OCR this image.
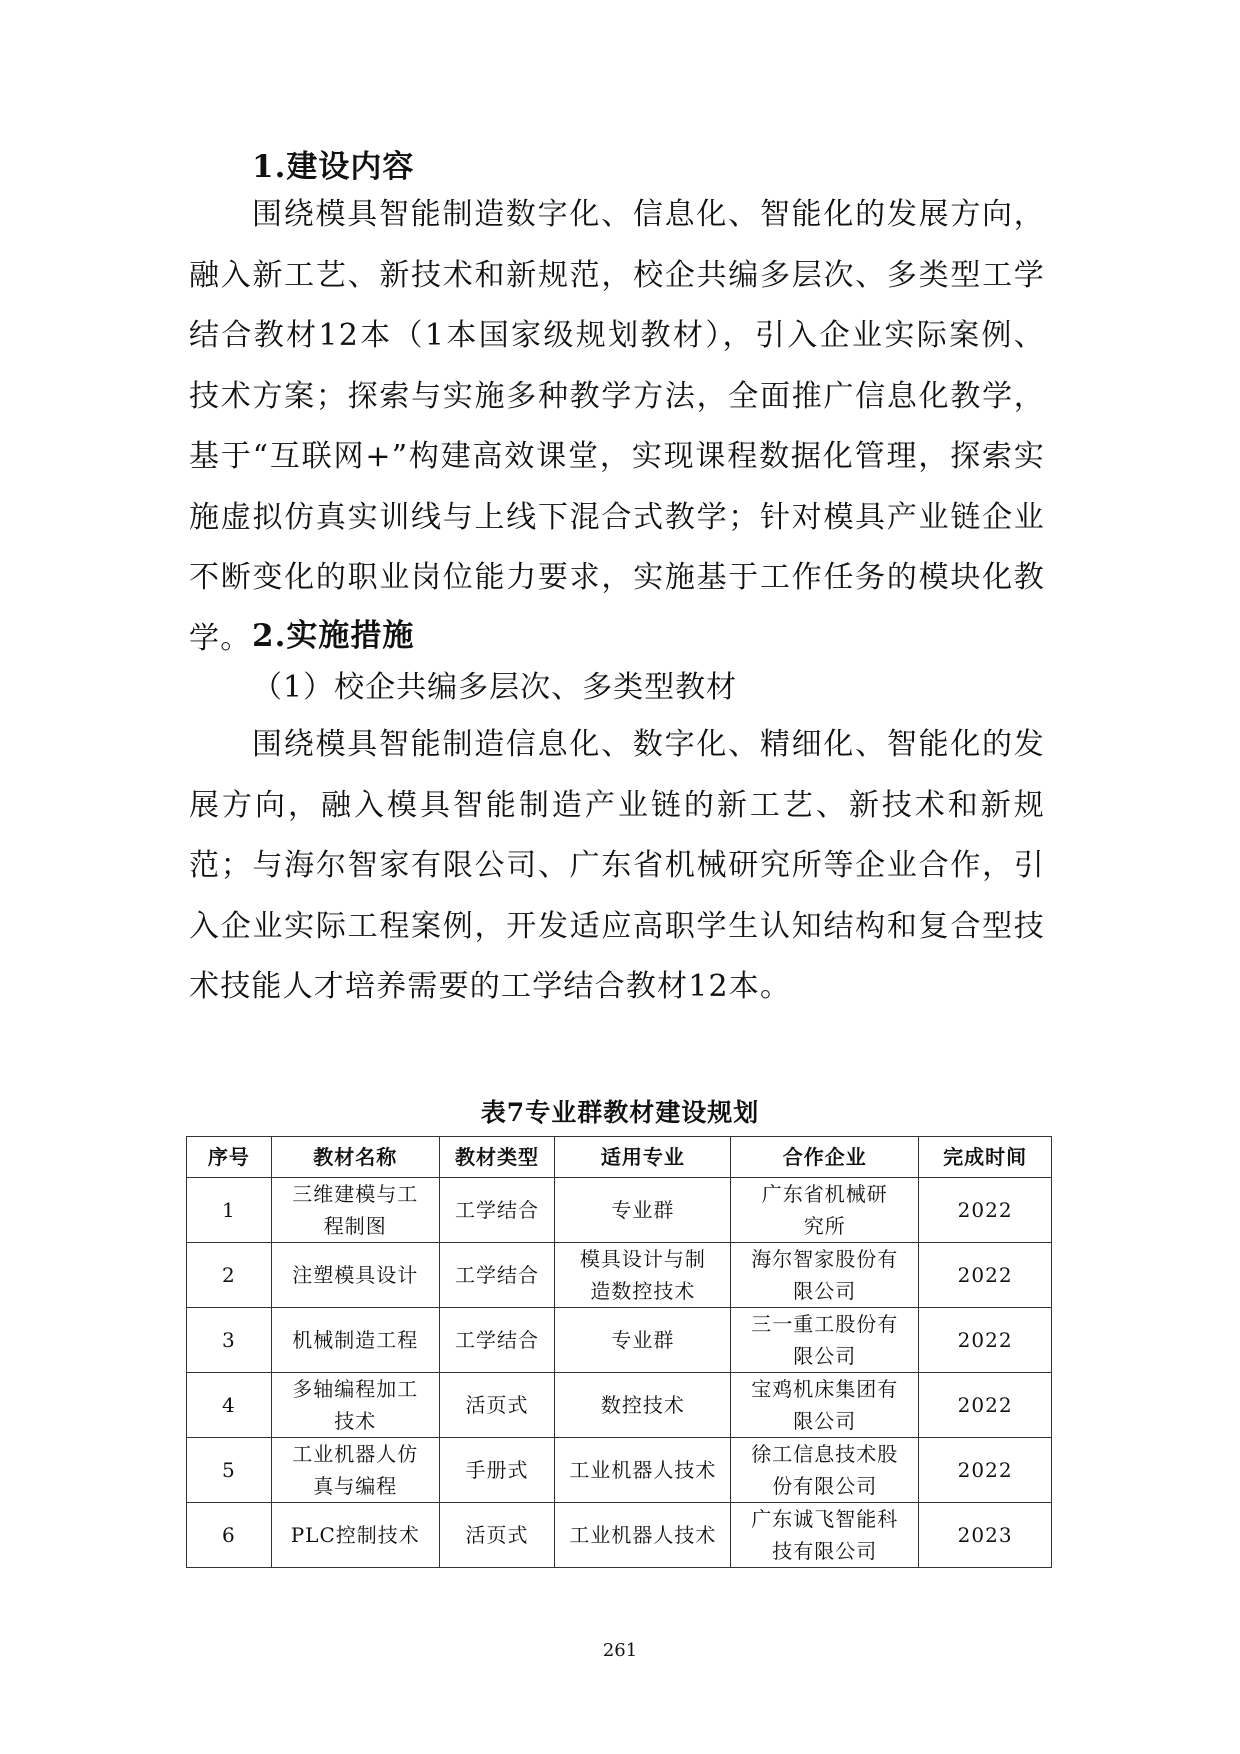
1.建设内容

围绕模具智能制造数字化、信息化、智能化的发展方向，融入新工艺、新技术和新规范，校企共编多层次、多类型工学结合教材12本（1本国家级规划教材），引入企业实际案例、技术方案；探索与实施多种教学方法，全面推广信息化教学，基于“互联网+”构建高效课堂，实现课程数据化管理，探索实施虚拟仿真实训线与上线下混合式教学；针对模具产业链企业不断变化的职业岗位能力要求，实施基于工作任务的模块化教学。 2.实施措施
（1）校企共编多层次、多类型教材

围绕模具智能制造信息化、数字化、精细化、智能化的发展方向，融入模具智能制造产业链的新工艺、新技术和新规范；与海尔智家有限公司、广东省机械研究所等企业合作，引入企业实际工程案例，开发适应高职学生认知结构和复合型技术技能人才培养需要的工学结合教材12本。

表7专业群教材建设规划
序号	教材名称	教材类型	适用专业	合作企业	完成时间
1	三维建模与工程制图	工学结合	专业群	广东省机械研究所	2022
2	注塑模具设计	工学结合	模具设计与制造数控技术	海尔智家股份有限公司	2022
3	机械制造工程	工学结合	专业群	三一重工股份有限公司	2022
4	多轴编程加工技术	活页式	数控技术	宝鸡机床集团有限公司	2022
5	工业机器人仿真与编程	手册式	工业机器人技术	徐工信息技术股份有限公司	2022
6	PLC控制技术	活页式	工业机器人技术	广东诚飞智能科技有限公司	2023
261
